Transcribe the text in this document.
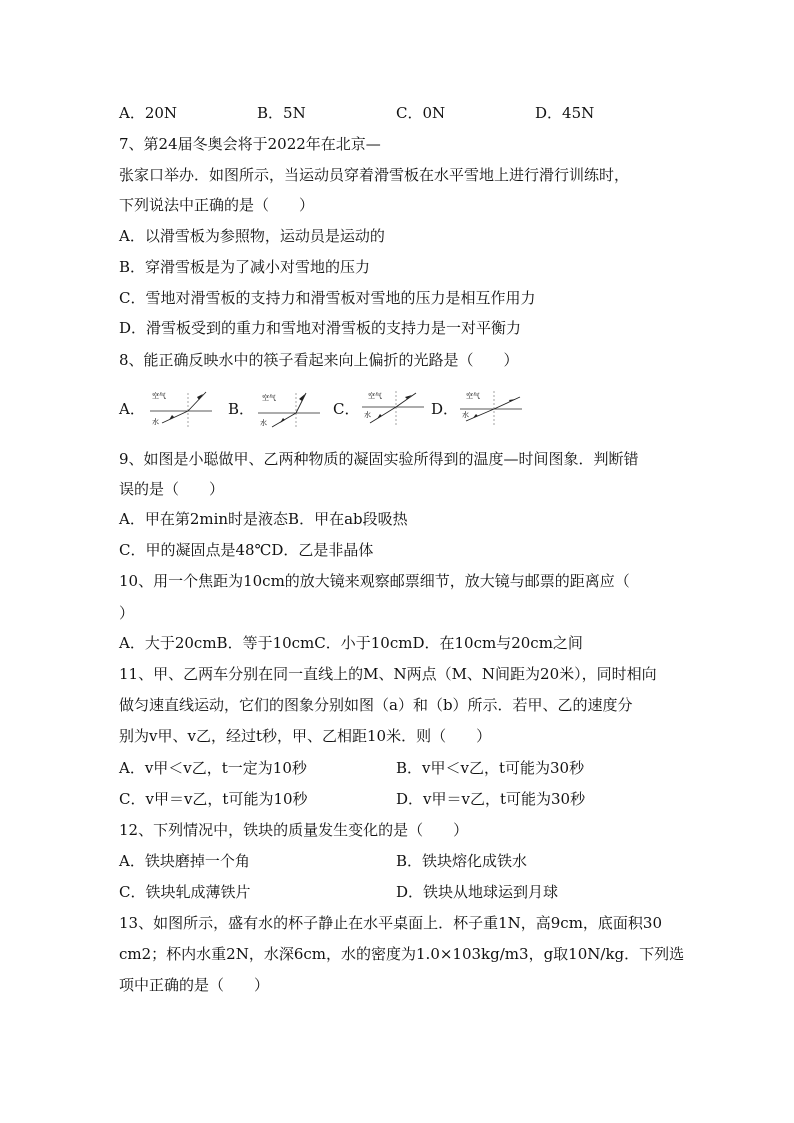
A．20N	B．5N	C．0N	D．45N
7、第24届冬奥会将于2022年在北京—
张家口举办．如图所示，当运动员穿着滑雪板在水平雪地上进行滑行训练时，
下列说法中正确的是（　　）
A．以滑雪板为参照物，运动员是运动的
B．穿滑雪板是为了减小对雪地的压力
C．雪地对滑雪板的支持力和滑雪板对雪地的压力是相互作用力
D．滑雪板受到的重力和雪地对滑雪板的支持力是一对平衡力
8、能正确反映水中的筷子看起来向上偏折的光路是（　　）
A．
空气
水
B．
空气
水
C．
空气
水	D．
空气
水
9、如图是小聪做甲、乙两种物质的凝固实验所得到的温度—时间图象．判断错
误的是（　　）
A．甲在第2min时是液态B．甲在ab段吸热
C．甲的凝固点是48℃D．乙是非晶体
10、用一个焦距为10cm的放大镜来观察邮票细节，放大镜与邮票的距离应（
）
A．大于20cmB．等于10cmC．小于10cmD．在10cm与20cm之间
11、甲、乙两车分别在同一直线上的M、N两点（M、N间距为20米），同时相向
做匀速直线运动，它们的图象分别如图（a）和（b）所示．若甲、乙的速度分
别为v甲、v乙，经过t秒，甲、乙相距10米．则（　　）
A．v甲＜v乙，t一定为10秒	B．v甲＜v乙，t可能为30秒
C．v甲＝v乙，t可能为10秒	D．v甲＝v乙，t可能为30秒
12、下列情况中，铁块的质量发生变化的是（　　）
A．铁块磨掉一个角	B．铁块熔化成铁水
C．铁块轧成薄铁片	D．铁块从地球运到月球
13、如图所示，盛有水的杯子静止在水平桌面上．杯子重1N，高9cm，底面积30
cm2；杯内水重2N，水深6cm，水的密度为1.0×103kg/m3，g取10N/kg．下列选
项中正确的是（　　）
